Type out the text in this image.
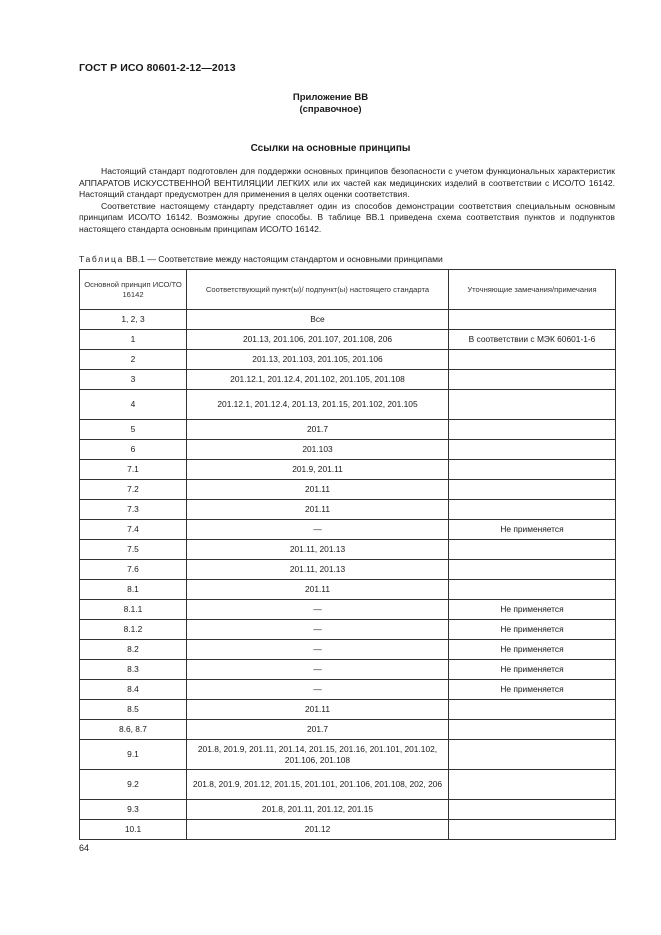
ГОСТ Р ИСО 80601-2-12—2013
Приложение ВВ
(справочное)
Ссылки на основные принципы

Настоящий стандарт подготовлен для поддержки основных принципов безопасности с учетом функциональных характеристик АППАРАТОВ ИСКУССТВЕННОЙ ВЕНТИЛЯЦИИ ЛЕГКИХ или их частей как медицинских изделий в соответствии с ИСО/ТО 16142. Настоящий стандарт предусмотрен для применения в целях оценки соответствия.

Соответствие настоящему стандарту представляет один из способов демонстрации соответствия специальным основным принципам ИСО/ТО 16142. Возможны другие способы. В таблице ВВ.1 приведена схема соответствия пунктов и подпунктов настоящего стандарта основным принципам ИСО/ТО 16142.

Таблица ВВ.1 — Соответствие между настоящим стандартом и основными принципами
Основной принцип ИСО/ТО 16142	Соответствующий пункт(ы)/ подпункт(ы) настоящего стандарта	Уточняющие замечания/примечания
1, 2, 3	Все	
1	201.13, 201.106, 201.107, 201.108, 206	В соответствии с МЭК 60601-1-6
2	201.13, 201.103, 201.105, 201.106	
3	201.12.1, 201.12.4, 201.102, 201.105, 201.108	
4	201.12.1, 201.12.4, 201.13, 201.15, 201.102, 201.105	
5	201.7	
6	201.103	
7.1	201.9, 201.11	
7.2	201.11	
7.3	201.11	
7.4	—	Не применяется
7.5	201.11, 201.13	
7.6	201.11, 201.13	
8.1	201.11	
8.1.1	—	Не применяется
8.1.2	—	Не применяется
8.2	—	Не применяется
8.3	—	Не применяется
8.4	—	Не применяется
8.5	201.11	
8.6, 8.7	201.7	
9.1	201.8, 201.9, 201.11, 201.14, 201.15, 201.16, 201.101, 201.102, 201.106, 201.108	
9.2	201.8, 201.9, 201.12, 201.15, 201.101, 201.106, 201.108, 202, 206	
9.3	201.8, 201.11, 201.12, 201.15	
10.1	201.12	
64
